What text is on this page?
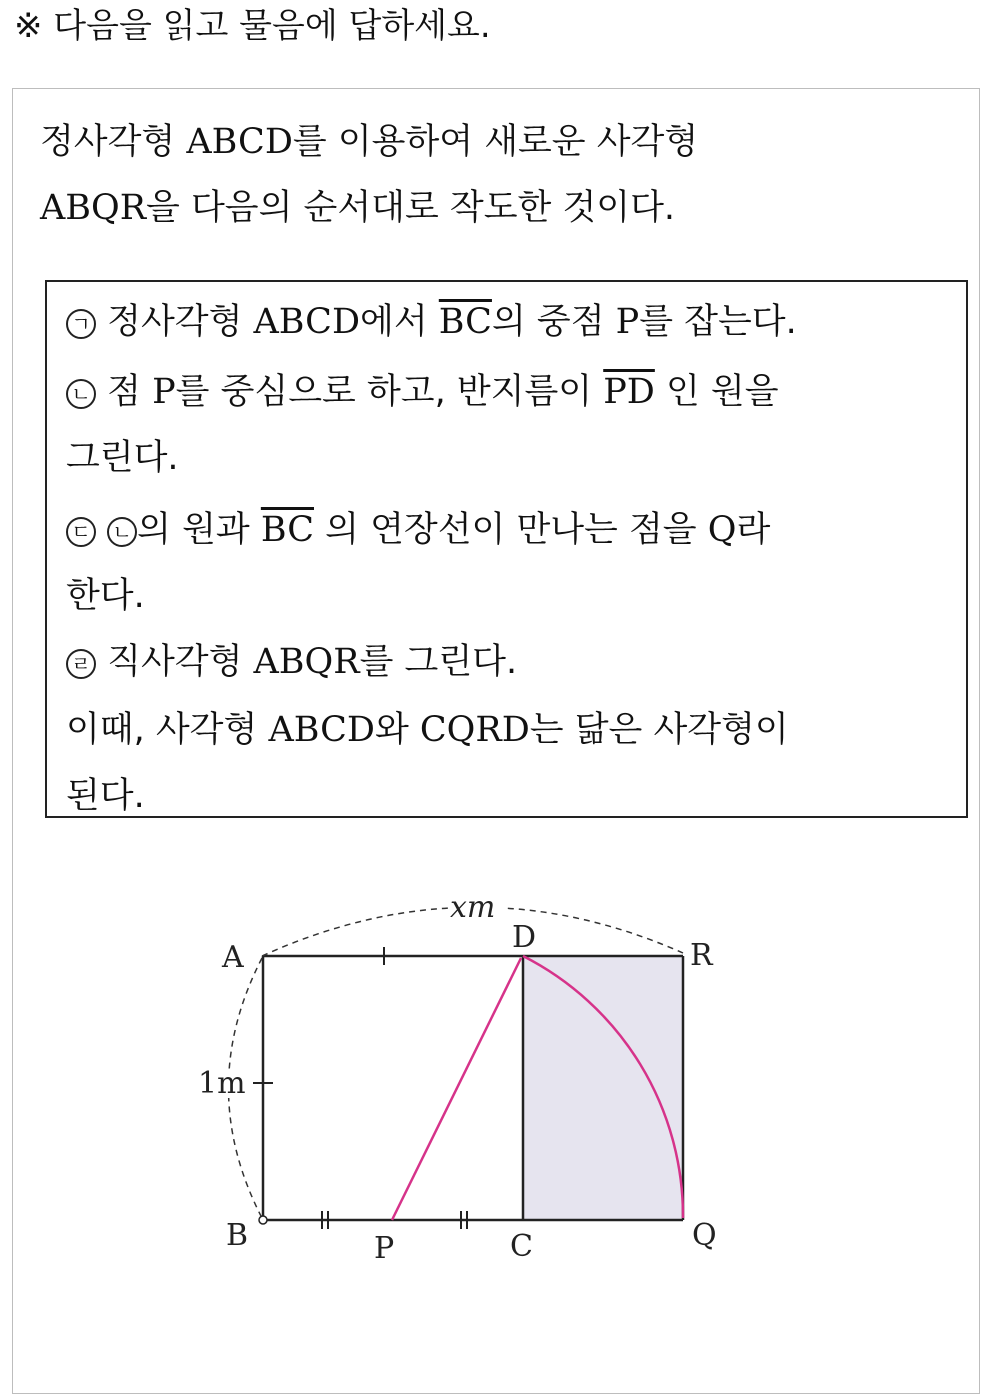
※ 다음을 읽고 물음에 답하세요.
정사각형 ABCD를 이용하여 새로운 사각형
ABQR을 다음의 순서대로 작도한 것이다.
ㄱ 정사각형 ABCD에서 $\overline{BC}$의 중점 P를 잡는다.
ㄴ 점 P를 중심으로 하고, 반지름이 $\overline{PD}$ 인 원을
그린다.
ㄷ ㄴ 의 원과 $\overline{BC}$ 의 연장선이 만나는 점을 Q라
한다.
ㄹ 직사각형 ABQR를 그린다.
이때, 사각형 ABCD와 CQRD는 닮은 사각형이
된다.
A
D
R
B	P	C	Q
xm
1m
